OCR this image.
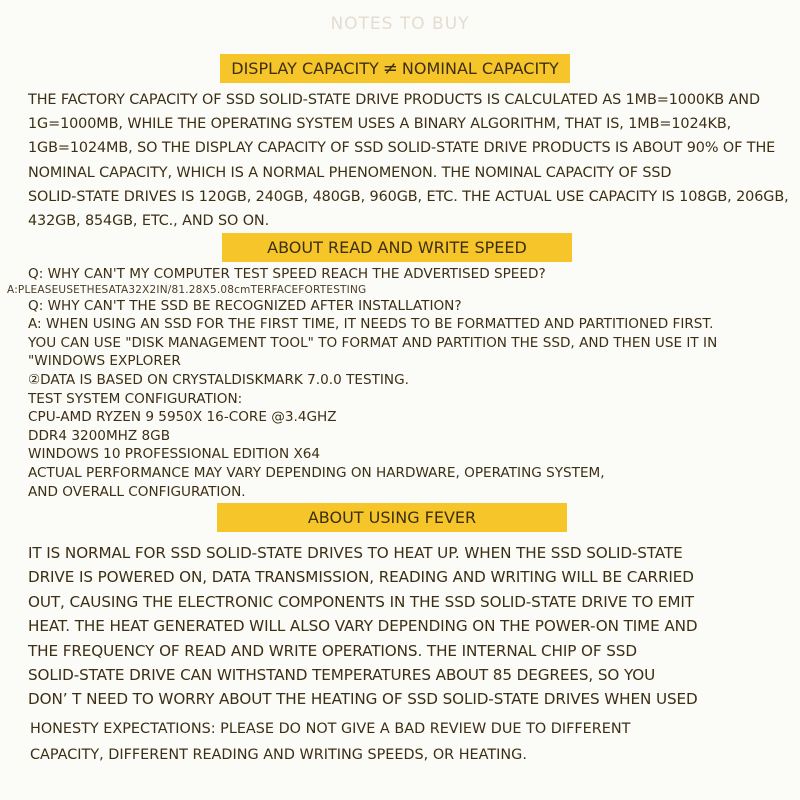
NOTES TO BUY
DISPLAY CAPACITY ≠ NOMINAL CAPACITY
THE FACTORY CAPACITY OF SSD SOLID-STATE DRIVE PRODUCTS IS CALCULATED AS 1MB=1000KB AND
1G=1000MB, WHILE THE OPERATING SYSTEM USES A BINARY ALGORITHM, THAT IS, 1MB=1024KB,
1GB=1024MB, SO THE DISPLAY CAPACITY OF SSD SOLID-STATE DRIVE PRODUCTS IS ABOUT 90% OF THE
NOMINAL CAPACITY, WHICH IS A NORMAL PHENOMENON. THE NOMINAL CAPACITY OF SSD
SOLID-STATE DRIVES IS 120GB, 240GB, 480GB, 960GB, ETC. THE ACTUAL USE CAPACITY IS 108GB, 206GB,
432GB, 854GB, ETC., AND SO ON.
ABOUT READ AND WRITE SPEED
Q: WHY CAN'T MY COMPUTER TEST SPEED REACH THE ADVERTISED SPEED?
A:PLEASEUSETHESATA32X2IN/81.28X5.08cmTERFACEFORTESTING
Q: WHY CAN'T THE SSD BE RECOGNIZED AFTER INSTALLATION?
A: WHEN USING AN SSD FOR THE FIRST TIME, IT NEEDS TO BE FORMATTED AND PARTITIONED FIRST.
YOU CAN USE "DISK MANAGEMENT TOOL" TO FORMAT AND PARTITION THE SSD, AND THEN USE IT IN
"WINDOWS EXPLORER
②DATA IS BASED ON CRYSTALDISKMARK 7.0.0 TESTING.
TEST SYSTEM CONFIGURATION:
CPU-AMD RYZEN 9 5950X 16-CORE @3.4GHZ
DDR4 3200MHZ 8GB
WINDOWS 10 PROFESSIONAL EDITION X64
ACTUAL PERFORMANCE MAY VARY DEPENDING ON HARDWARE, OPERATING SYSTEM,
AND OVERALL CONFIGURATION.
ABOUT USING FEVER
IT IS NORMAL FOR SSD SOLID-STATE DRIVES TO HEAT UP. WHEN THE SSD SOLID-STATE
DRIVE IS POWERED ON, DATA TRANSMISSION, READING AND WRITING WILL BE CARRIED
OUT, CAUSING THE ELECTRONIC COMPONENTS IN THE SSD SOLID-STATE DRIVE TO EMIT
HEAT. THE HEAT GENERATED WILL ALSO VARY DEPENDING ON THE POWER-ON TIME AND
THE FREQUENCY OF READ AND WRITE OPERATIONS. THE INTERNAL CHIP OF SSD
SOLID-STATE DRIVE CAN WITHSTAND TEMPERATURES ABOUT 85 DEGREES, SO YOU
DON’ T NEED TO WORRY ABOUT THE HEATING OF SSD SOLID-STATE DRIVES WHEN USED
HONESTY EXPECTATIONS: PLEASE DO NOT GIVE A BAD REVIEW DUE TO DIFFERENT
CAPACITY, DIFFERENT READING AND WRITING SPEEDS, OR HEATING.
